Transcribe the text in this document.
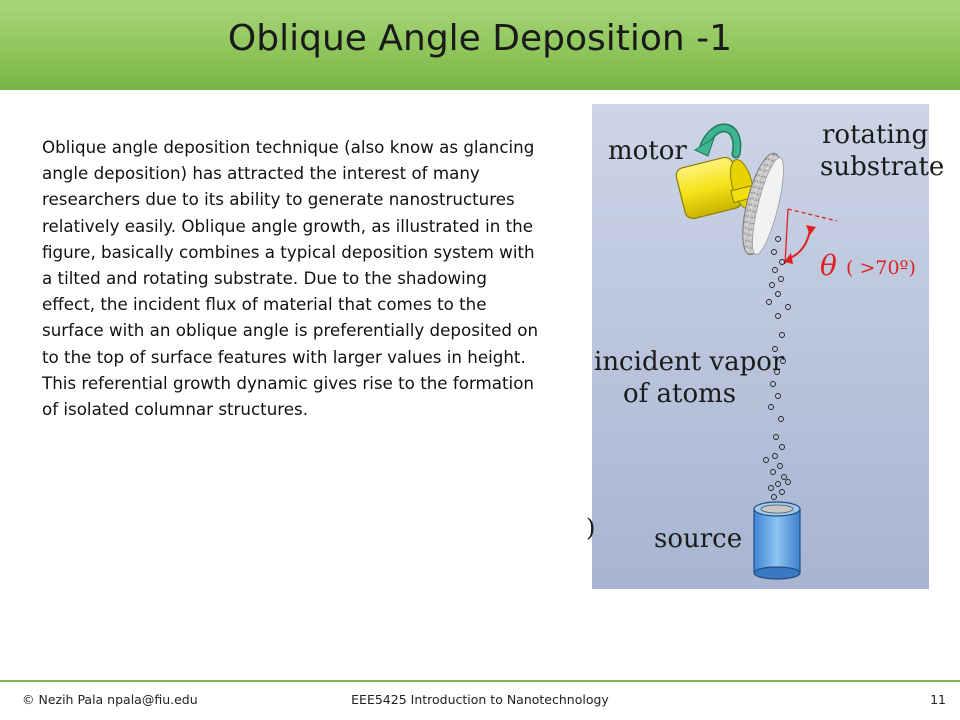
Oblique Angle Deposition -1

Oblique angle deposition technique (also know as glancing angle deposition) has attracted the interest of many researchers due to its ability to generate nanostructures relatively easily. Oblique angle growth, as illustrated in the figure, basically combines a typical deposition system with a tilted and rotating substrate. Due to the shadowing effect, the incident flux of material that comes to the surface with an oblique angle is preferentially deposited on to the top of surface features with larger values in height. This referential growth dynamic gives rise to the formation of isolated columnar structures.

)
motor
rotating
substrate
θ ( >70º)
incident vapor
of atoms
source
© Nezih Pala npala@fiu.edu	EEE5425 Introduction to Nanotechnology	11
